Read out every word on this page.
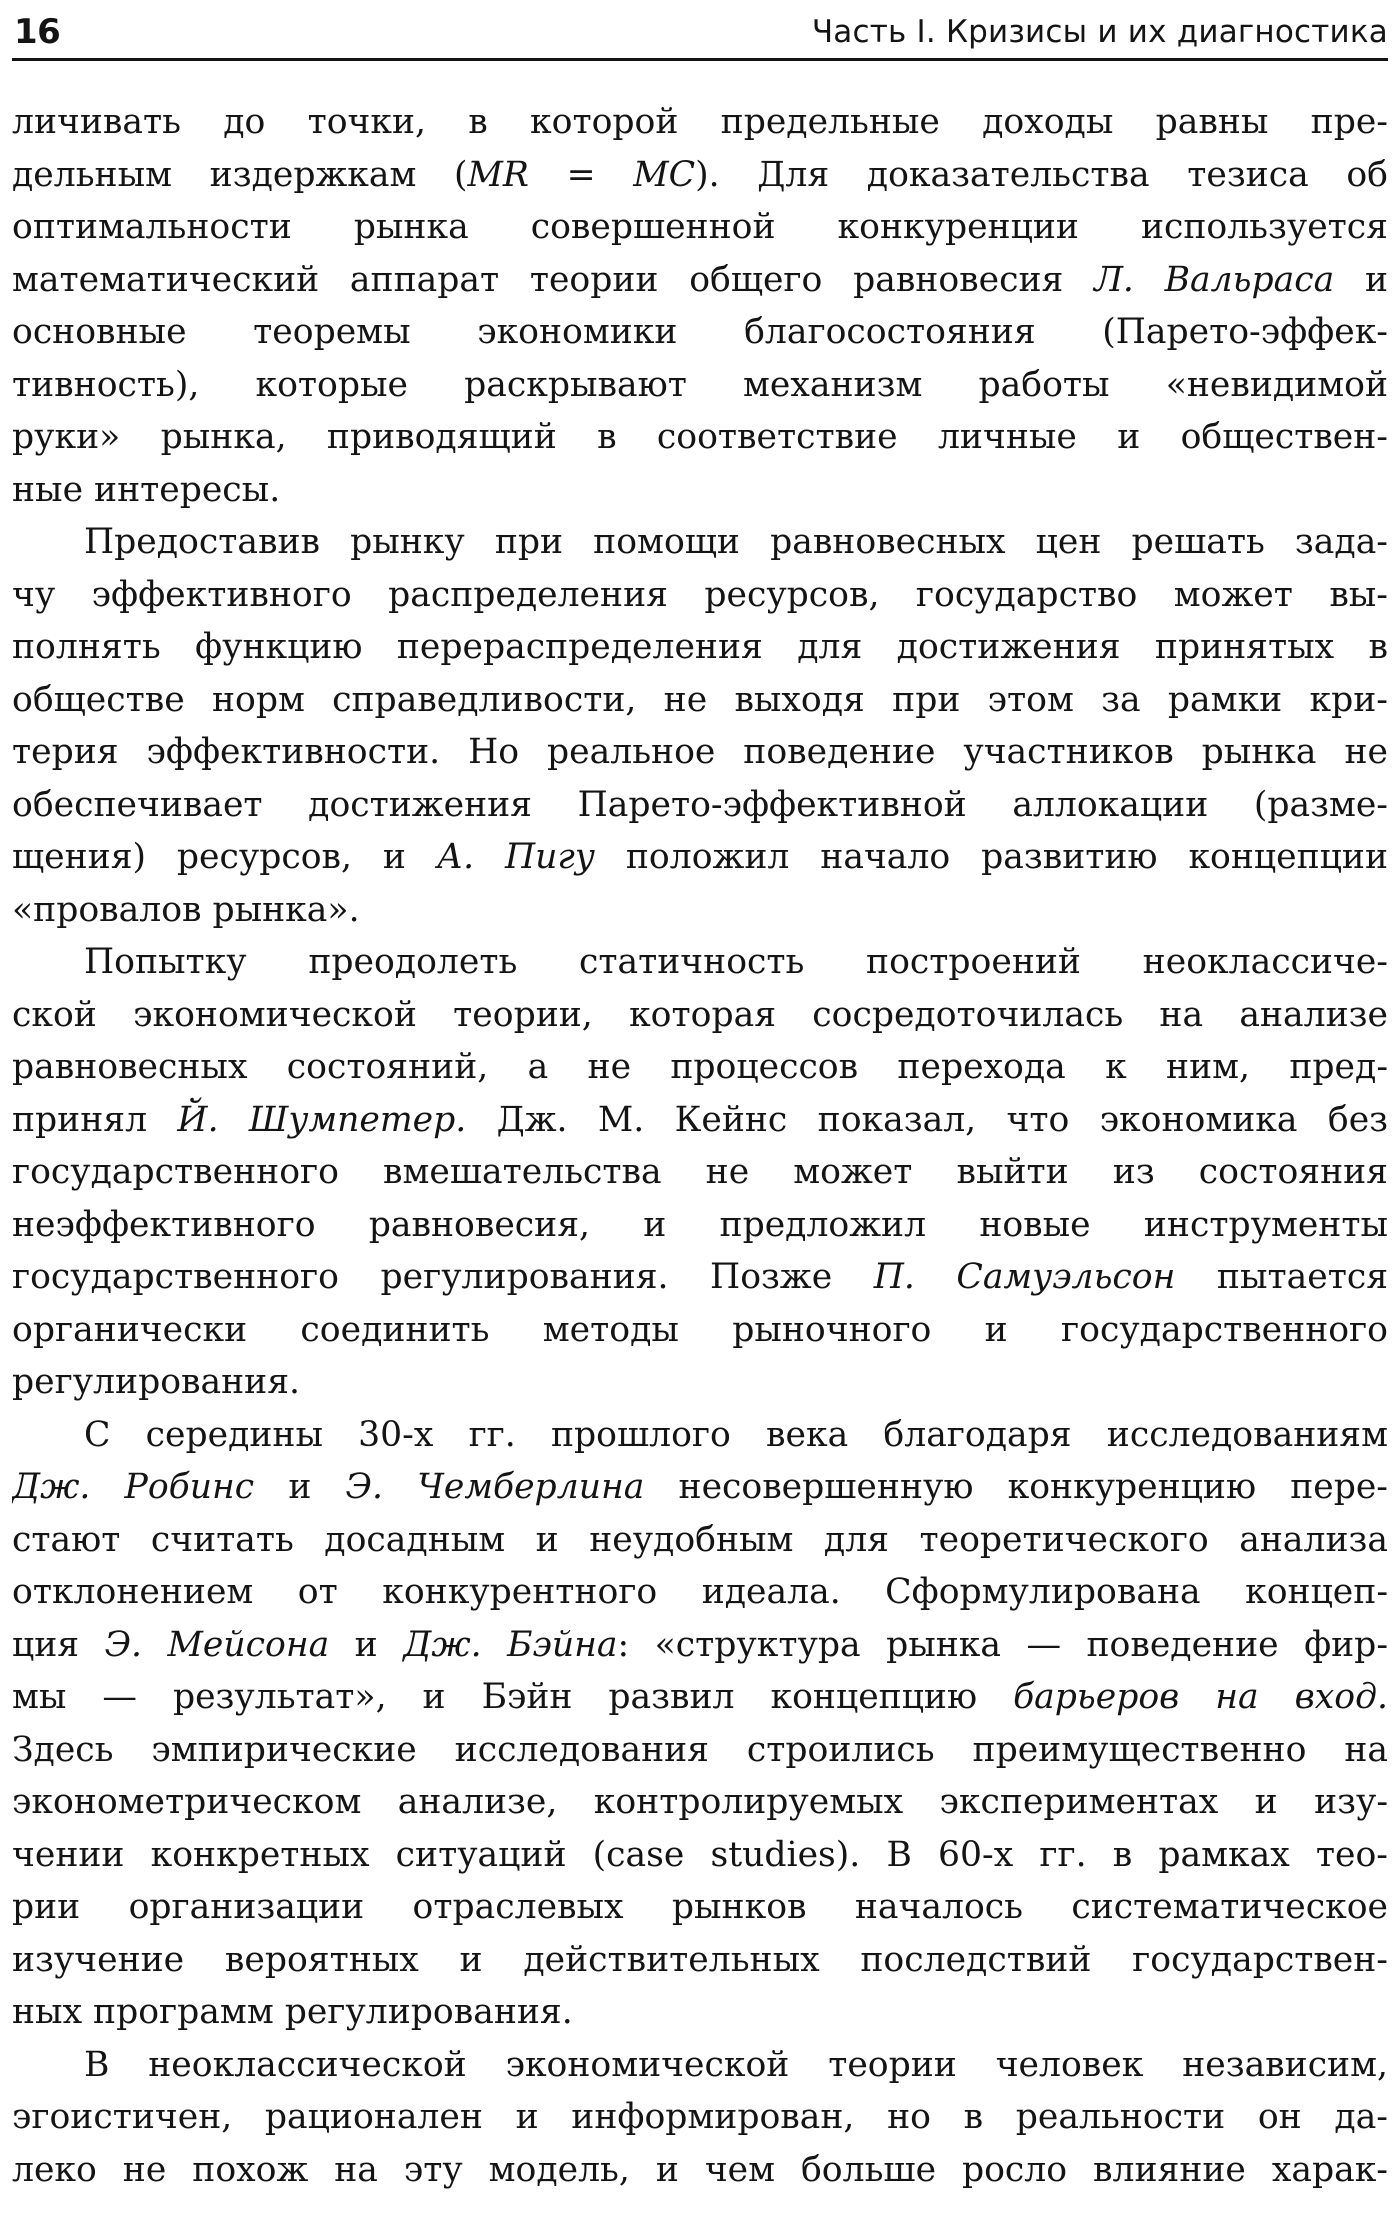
16	Часть I. Кризисы и их диагностика
личивать до точки, в которой предельные доходы равны пре-
дельным издержкам (MR = MC). Для доказательства тезиса об
оптимальности рынка совершенной конкуренции используется
математический аппарат теории общего равновесия Л. Вальраса и
основные теоремы экономики благосостояния (Парето-эффек-
тивность), которые раскрывают механизм работы «невидимой
руки» рынка, приводящий в соответствие личные и обществен-
ные интересы.
Предоставив рынку при помощи равновесных цен решать зада-
чу эффективного распределения ресурсов, государство может вы-
полнять функцию перераспределения для достижения принятых в
обществе норм справедливости, не выходя при этом за рамки кри-
терия эффективности. Но реальное поведение участников рынка не
обеспечивает достижения Парето-эффективной аллокации (разме-
щения) ресурсов, и А. Пигу положил начало развитию концепции
«провалов рынка».
Попытку преодолеть статичность построений неоклассиче-
ской экономической теории, которая сосредоточилась на анализе
равновесных состояний, а не процессов перехода к ним, пред-
принял Й. Шумпетер. Дж. М. Кейнс показал, что экономика без
государственного вмешательства не может выйти из состояния
неэффективного равновесия, и предложил новые инструменты
государственного регулирования. Позже П. Самуэльсон пытается
органически соединить методы рыночного и государственного
регулирования.
С середины 30-х гг. прошлого века благодаря исследованиям
Дж. Робинс и Э. Чемберлина несовершенную конкуренцию пере-
стают считать досадным и неудобным для теоретического анализа
отклонением от конкурентного идеала. Сформулирована концеп-
ция Э. Мейсона и Дж. Бэйна: «структура рынка — поведение фир-
мы — результат», и Бэйн развил концепцию барьеров на вход.
Здесь эмпирические исследования строились преимущественно на
эконометрическом анализе, контролируемых экспериментах и изу-
чении конкретных ситуаций (case studies). В 60-х гг. в рамках тео-
рии организации отраслевых рынков началось систематическое
изучение вероятных и действительных последствий государствен-
ных программ регулирования.
В неоклассической экономической теории человек независим,
эгоистичен, рационален и информирован, но в реальности он да-
леко не похож на эту модель, и чем больше росло влияние харак-
